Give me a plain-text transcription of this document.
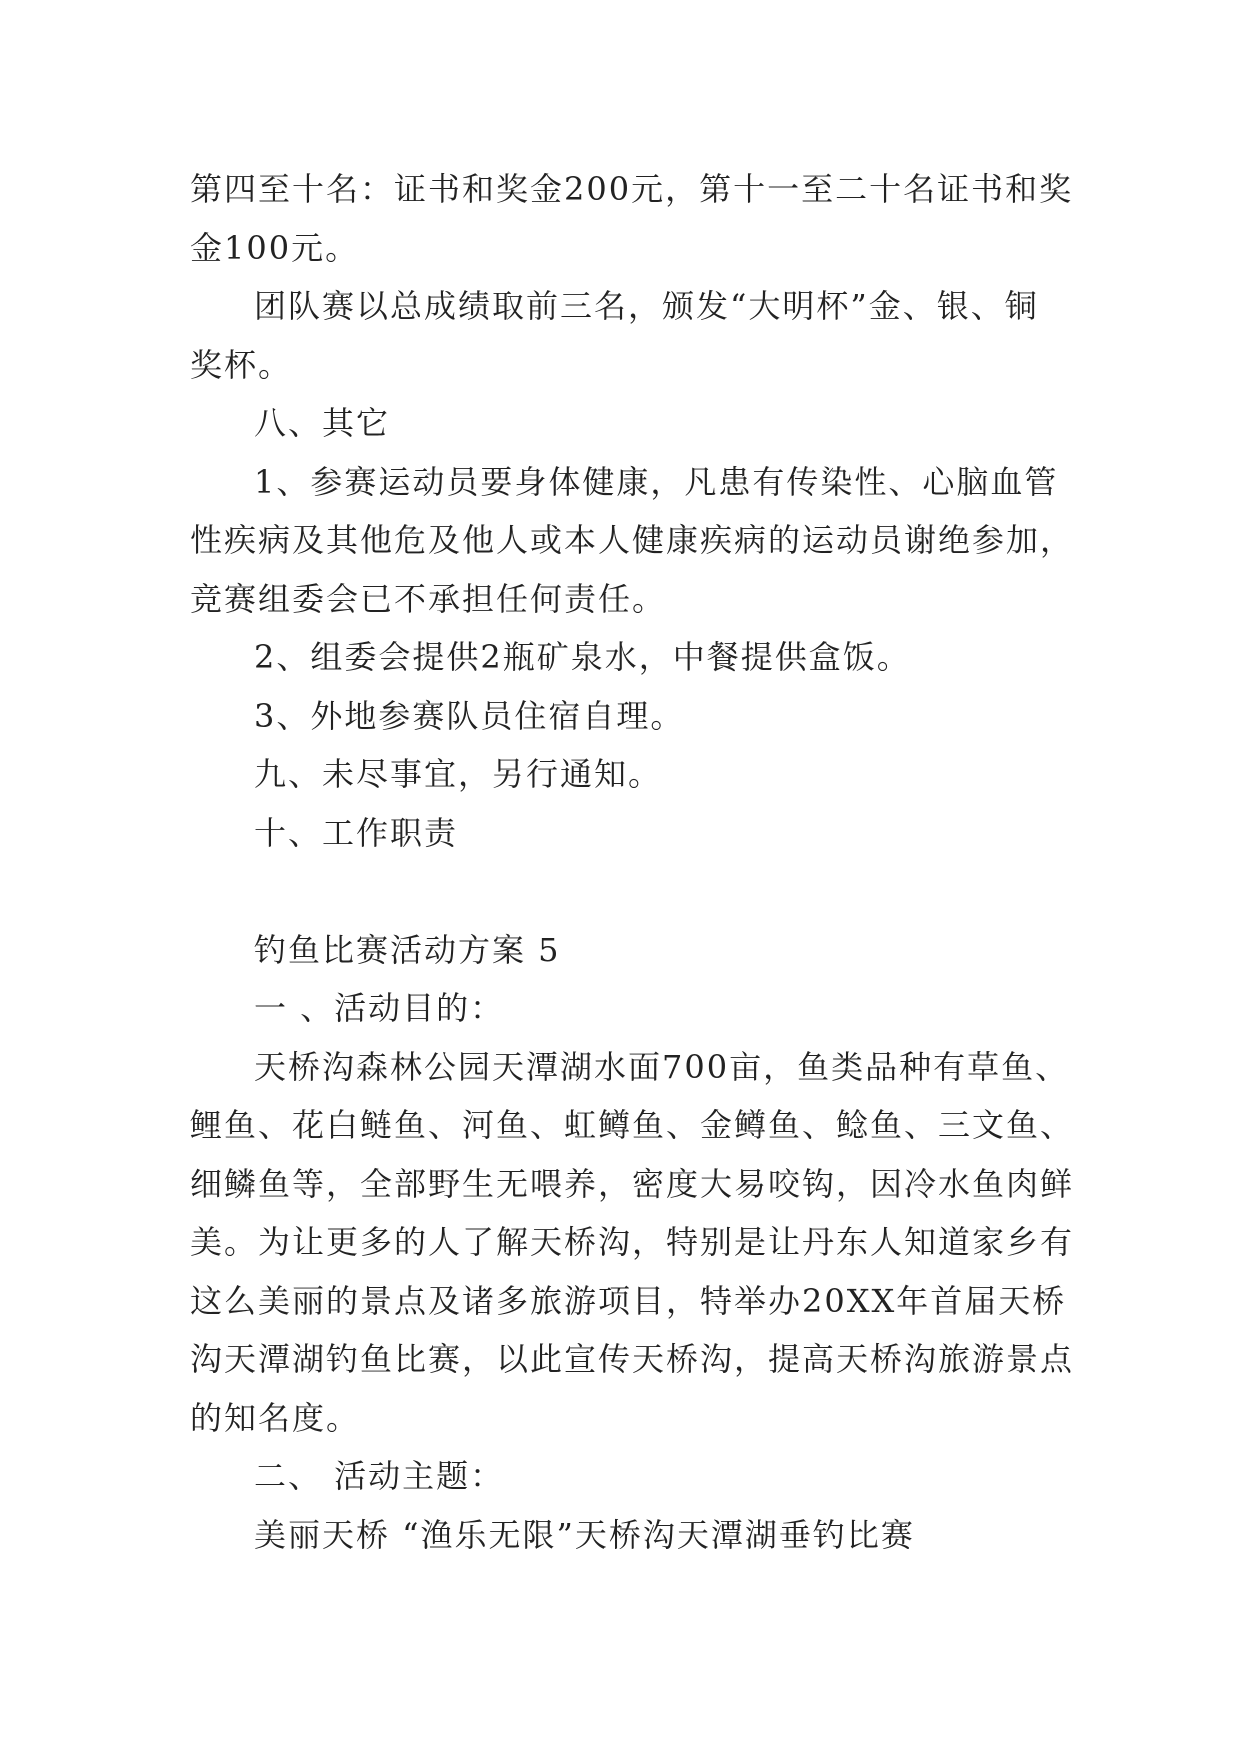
第四至十名：证书和奖金200元，第十一至二十名证书和奖

金100元。

团队赛以总成绩取前三名，颁发“大明杯”金、银、铜

奖杯。

八、其它

1、参赛运动员要身体健康，凡患有传染性、心脑血管

性疾病及其他危及他人或本人健康疾病的运动员谢绝参加，

竞赛组委会已不承担任何责任。

2、组委会提供2瓶矿泉水，中餐提供盒饭。

3、外地参赛队员住宿自理。

九、未尽事宜，另行通知。

十、工作职责

钓鱼比赛活动方案 5

一 、活动目的：

天桥沟森林公园天潭湖水面700亩，鱼类品种有草鱼、

鲤鱼、花白鲢鱼、河鱼、虹鳟鱼、金鳟鱼、鲶鱼、三文鱼、

细鳞鱼等，全部野生无喂养，密度大易咬钩，因冷水鱼肉鲜

美。为让更多的人了解天桥沟，特别是让丹东人知道家乡有

这么美丽的景点及诸多旅游项目，特举办20XX年首届天桥

沟天潭湖钓鱼比赛，以此宣传天桥沟，提高天桥沟旅游景点

的知名度。

二、 活动主题：

美丽天桥 “渔乐无限”天桥沟天潭湖垂钓比赛
